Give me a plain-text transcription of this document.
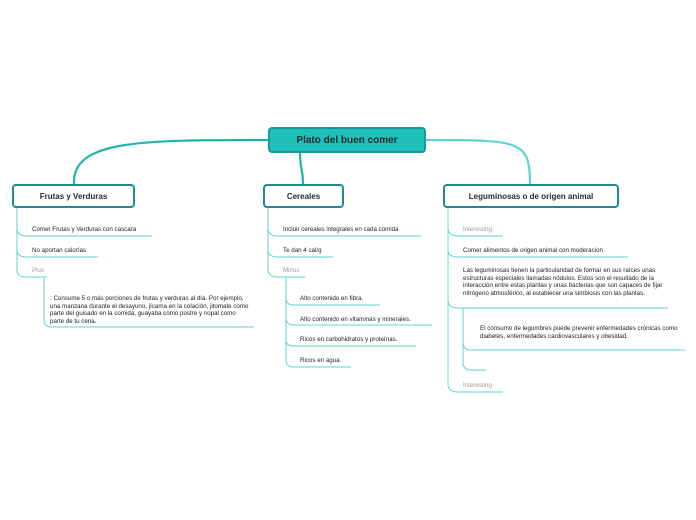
Plato del buen comer
Frutas y Verduras	Cereales	Leguminosas o de origen animal
Comer Frutas y Verduras con cascara
No aportan calorías
Plus
: Consume 5 o más porciones de frutas y verduras al día. Por ejemplo, una manzana durante el desayuno, jícama en la colación, jitomate como parte del guisado en la comida, guayaba como postre y nopal como parte de tu cena.
Incluir cereales integrales en cada comida
Te dan 4 cal/g
Minus
Alto contenido en fibra.
Alto contenido en vitaminas y minerales.
Ricos en carbohidratos y proteínas.
Ricos en agua.
Interesting
Comer alimentos de origen animal con moderacion
Las leguminosas tienen la particularidad de formar en sus raíces unas estructuras especiales llamadas nódulos. Estos son el resultado de la interacción entre estas plantas y unas bacterias que son capaces de fijar nitrógeno atmosférico, al establecer una simbiosis con las plantas.
El consumo de legumbres puede prevenir enfermedades crónicas como diabetes, enfermedades cardiovasculares y obesidad.
Interesting
